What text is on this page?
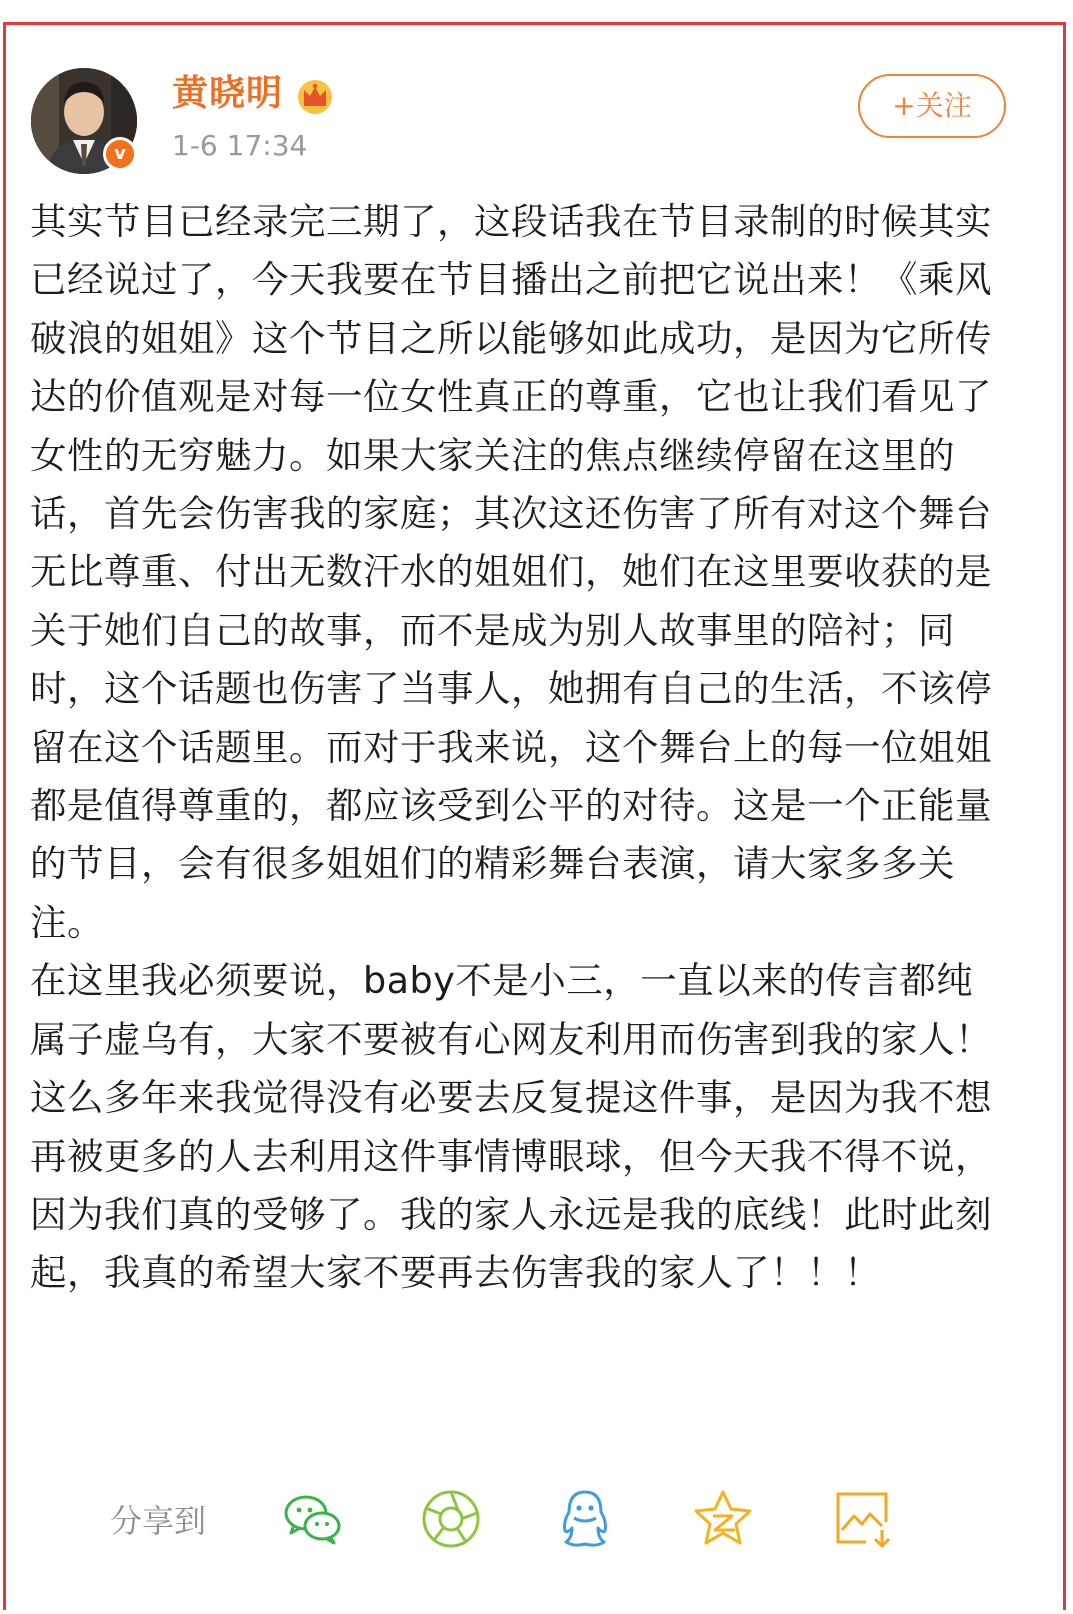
v
黄晓明
1-6 17:34
+关注

其实节目已经录完三期了，这段话我在节目录制的时候其实已经说过了，今天我要在节目播出之前把它说出来！《乘风破浪的姐姐》这个节目之所以能够如此成功，是因为它所传达的价值观是对每一位女性真正的尊重，它也让我们看见了女性的无穷魅力。如果大家关注的焦点继续停留在这里的话，首先会伤害我的家庭；其次这还伤害了所有对这个舞台无比尊重、付出无数汗水的姐姐们，她们在这里要收获的是关于她们自己的故事，而不是成为别人故事里的陪衬；同时，这个话题也伤害了当事人，她拥有自己的生活，不该停留在这个话题里。而对于我来说，这个舞台上的每一位姐姐都是值得尊重的，都应该受到公平的对待。这是一个正能量的节目，会有很多姐姐们的精彩舞台表演，请大家多多关注。

在这里我必须要说，baby不是小三，一直以来的传言都纯属子虚乌有，大家不要被有心网友利用而伤害到我的家人！这么多年来我觉得没有必要去反复提这件事，是因为我不想再被更多的人去利用这件事情博眼球，但今天我不得不说，因为我们真的受够了。我的家人永远是我的底线！此时此刻起，我真的希望大家不要再去伤害我的家人了！！！

分享到
